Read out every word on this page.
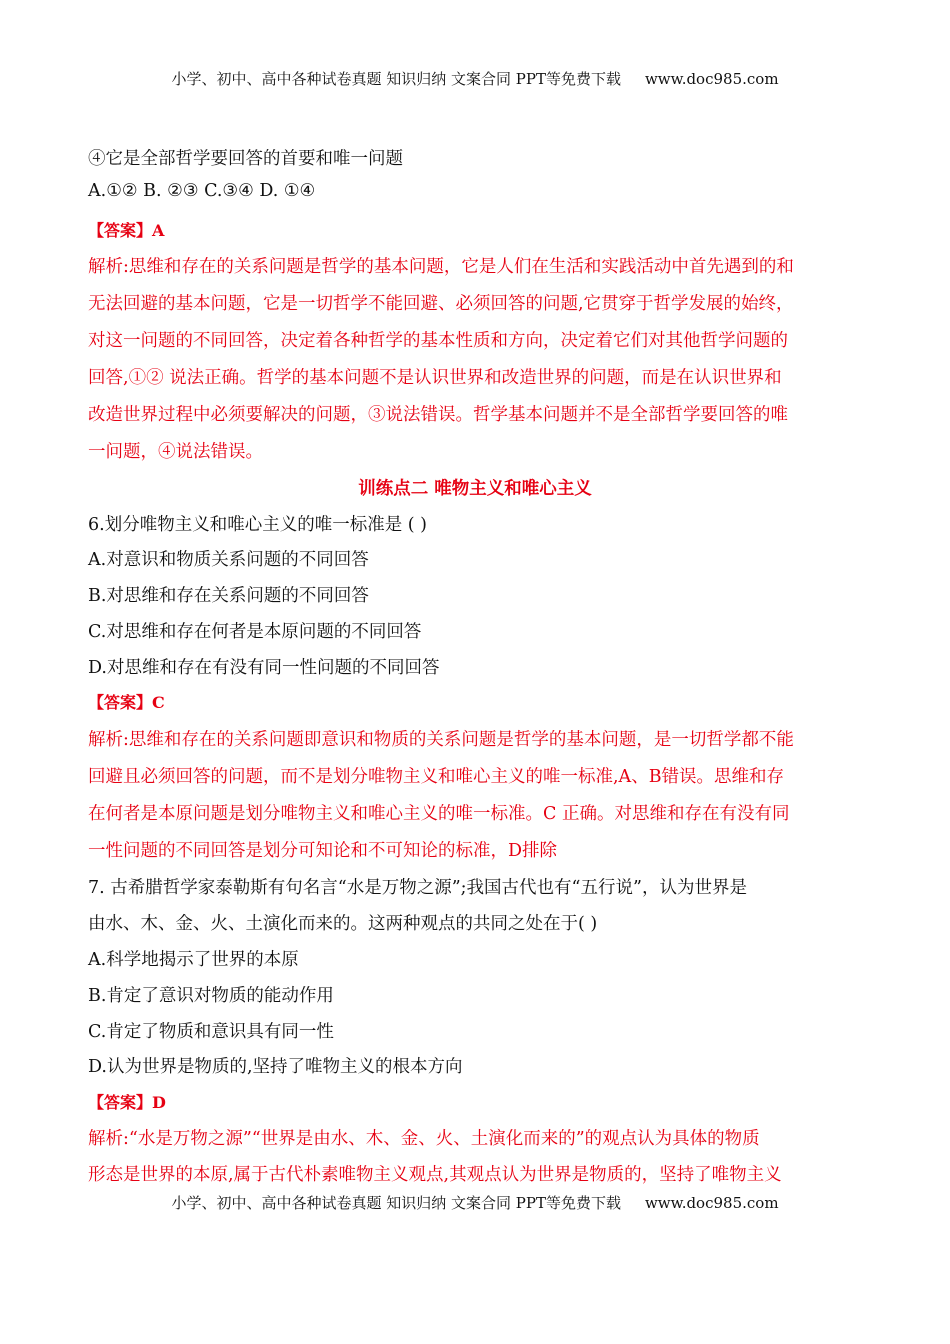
小学、初中、高中各种试卷真题 知识归纳 文案合同 PPT等免费下载 www.doc985.com
④它是全部哲学要回答的首要和唯一问题
A.①② B. ②③ C.③④ D. ①④
【答案】A
解析:思维和存在的关系问题是哲学的基本问题，它是人们在生活和实践活动中首先遇到的和
无法回避的基本问题，它是一切哲学不能回避、必须回答的问题,它贯穿于哲学发展的始终，
对这一问题的不同回答，决定着各种哲学的基本性质和方向，决定着它们对其他哲学问题的
回答,①② 说法正确。哲学的基本问题不是认识世界和改造世界的问题，而是在认识世界和
改造世界过程中必须要解决的问题，③说法错误。哲学基本问题并不是全部哲学要回答的唯
一问题，④说法错误。
训练点二 唯物主义和唯心主义
6.划分唯物主义和唯心主义的唯一标准是 ( )
A.对意识和物质关系问题的不同回答
B.对思维和存在关系问题的不同回答
C.对思维和存在何者是本原问题的不同回答
D.对思维和存在有没有同一性问题的不同回答
【答案】C
解析:思维和存在的关系问题即意识和物质的关系问题是哲学的基本问题，是一切哲学都不能
回避且必须回答的问题，而不是划分唯物主义和唯心主义的唯一标准,A、B错误。思维和存
在何者是本原问题是划分唯物主义和唯心主义的唯一标准。C 正确。对思维和存在有没有同
一性问题的不同回答是划分可知论和不可知论的标准，D排除
7. 古希腊哲学家泰勒斯有句名言“水是万物之源”;我国古代也有“五行说”，认为世界是
由水、木、金、火、土演化而来的。这两种观点的共同之处在于( )
A.科学地揭示了世界的本原
B.肯定了意识对物质的能动作用
C.肯定了物质和意识具有同一性
D.认为世界是物质的,坚持了唯物主义的根本方向
【答案】D
解析:“水是万物之源”“世界是由水、木、金、火、土演化而来的”的观点认为具体的物质
形态是世界的本原,属于古代朴素唯物主义观点,其观点认为世界是物质的，坚持了唯物主义
小学、初中、高中各种试卷真题 知识归纳 文案合同 PPT等免费下载 www.doc985.com
